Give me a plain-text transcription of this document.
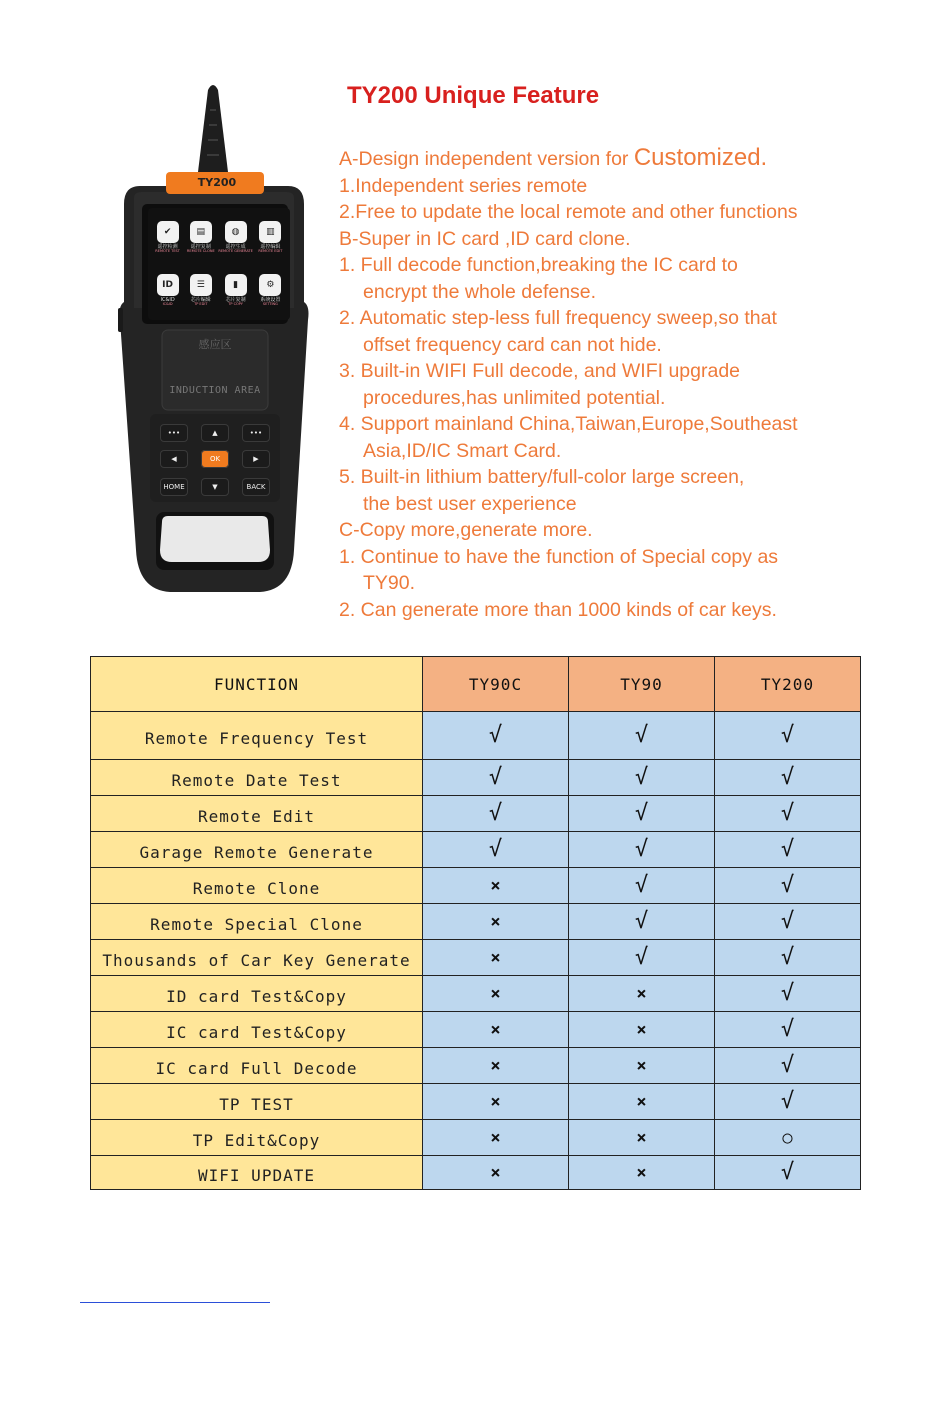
TY200
✔
遥控检测
REMOTE TEST
▤
遥控复制
REMOTE CLONE
◍
遥控生成
REMOTE GENERATE
▥
遥控编辑
REMOTE EDIT
ID
IC&ID
IC&ID
☰
芯片编辑
TP EDIT
▮
芯片复制
TP COPY
⚙
系统设置
SETTING
感应区
INDUCTION AREA
•••	▲	•••
◀	OK	▶
HOME	▼	BACK
TY200 Unique Feature
A-Design independent version for Customized.
1.Independent series remote
2.Free to update the local remote and other functions
B-Super in IC card ,ID card clone.
1. Full decode function,breaking the IC card to
encrypt the whole defense.
2. Automatic step-less full frequency sweep,so that
offset frequency card can not hide.
3. Built-in WIFI Full decode, and WIFI upgrade
procedures,has unlimited potential.
4. Support mainland China,Taiwan,Europe,Southeast
Asia,ID/IC Smart Card.
5. Built-in lithium battery/full-color large screen,
the best user experience
C-Copy more,generate more.
1. Continue to have the function of Special copy as
TY90.
2. Can generate more than 1000 kinds of car keys.
FUNCTION	TY90C	TY90	TY200
Remote Frequency Test	√	√	√
Remote Date Test	√	√	√
Remote Edit	√	√	√
Garage Remote Generate	√	√	√
Remote Clone	×	√	√
Remote Special Clone	×	√	√
Thousands of Car Key Generate	×	√	√
ID card Test&Copy	×	×	√
IC card Test&Copy	×	×	√
IC card Full Decode	×	×	√
TP TEST	×	×	√
TP Edit&Copy	×	×	○
WIFI UPDATE	×	×	√
